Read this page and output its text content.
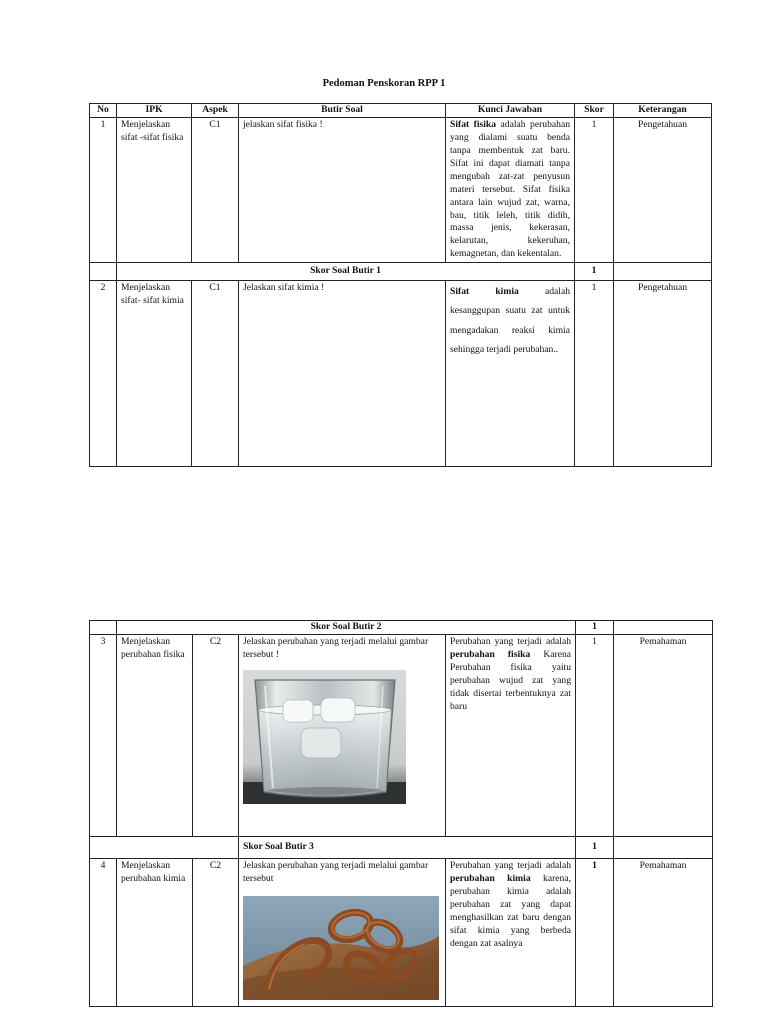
Pedoman Penskoran RPP 1
No	IPK	Aspek	Butir Soal	Kunci Jawaban	Skor	Keterangan
1	Menjelaskan sifat -sifat fisika	C1	jelaskan sifat fisika !	Sifat fisika adalah perubahan yang dialami suatu benda tanpa membentuk zat baru. Sifat ini dapat diamati tanpa mengubah zat-zat penyusun materi tersebut. Sifat fisika antara lain wujud zat, warna, bau, titik leleh, titik didih, massa jenis, kekerasan, kelarutan, kekeruhan, kemagnetan, dan kekentalan.	1	Pengetahuan
	Skor Soal Butir 1				1	
2	Menjelaskan sifat- sifat kimia	C1	Jelaskan sifat kimia !	Sifat kimia adalah kesanggupan suatu zat untuk mengadakan reaksi kimia sehingga terjadi perubahan..	1	Pengetahuan
	Skor Soal Butir 2				1	
3	Menjelaskan perubahan fisika	C2	Jelaskan perubahan yang terjadi melalui gambar tersebut !	Perubahan yang terjadi adalah perubahan fisika Karena Perubahan fisika yaitu perubahan wujud zat yang tidak disertai terbentuknya zat baru	1	Pemahaman
			Skor Soal Butir 3		1	
4	Menjelaskan perubahan kimia	C2	Jelaskan perubahan yang terjadi melalui gambar tersebut	Perubahan yang terjadi adalah perubahan kimia karena, perubahan kimia adalah perubahan zat yang dapat menghasilkan zat baru dengan sifat kimia yang berbeda dengan zat asalnya	1	Pemahaman
